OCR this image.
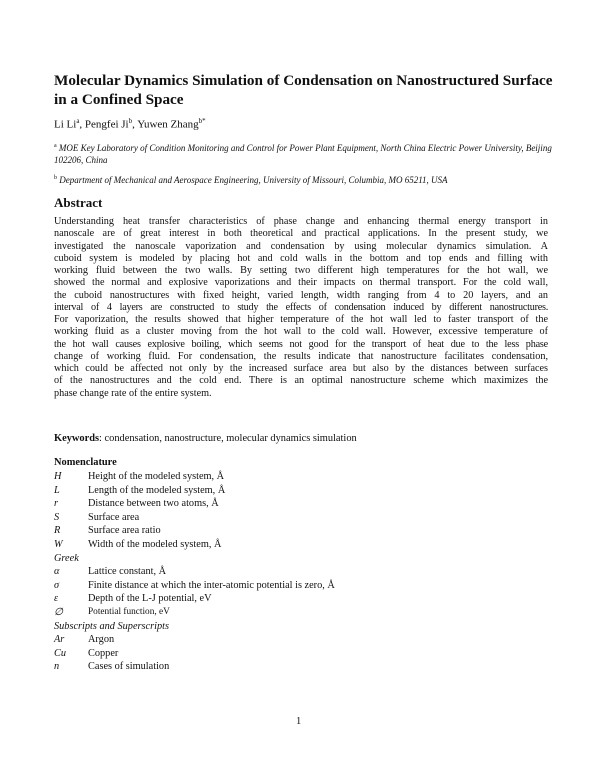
Molecular Dynamics Simulation of Condensation on Nanostructured Surface in a Confined Space
Li Li$^a$, Pengfei Ji$^b$, Yuwen Zhang$^{b*}$
$^a$ MOE Key Laboratory of Condition Monitoring and Control for Power Plant Equipment, North China Electric Power University, Beijing 102206, China
$^b$ Department of Mechanical and Aerospace Engineering, University of Missouri, Columbia, MO 65211, USA
Abstract
Understanding heat transfer characteristics of phase change and enhancing thermal energy transport in
nanoscale are of great interest in both theoretical and practical applications. In the present study, we
investigated the nanoscale vaporization and condensation by using molecular dynamics simulation. A
cuboid system is modeled by placing hot and cold walls in the bottom and top ends and filling with
working fluid between the two walls. By setting two different high temperatures for the hot wall, we
showed the normal and explosive vaporizations and their impacts on thermal transport. For the cold wall,
the cuboid nanostructures with fixed height, varied length, width ranging from 4 to 20 layers, and an
interval of 4 layers are constructed to study the effects of condensation induced by different nanostructures.
For vaporization, the results showed that higher temperature of the hot wall led to faster transport of the
working fluid as a cluster moving from the hot wall to the cold wall. However, excessive temperature of
the hot wall causes explosive boiling, which seems not good for the transport of heat due to the less phase
change of working fluid. For condensation, the results indicate that nanostructure facilitates condensation,
which could be affected not only by the increased surface area but also by the distances between surfaces
of the nanostructures and the cold end. There is an optimal nanostructure scheme which maximizes the
phase change rate of the entire system.
Keywords: condensation, nanostructure, molecular dynamics simulation
Nomenclature
H	Height of the modeled system, Å
L	Length of the modeled system, Å
r	Distance between two atoms, Å
S	Surface area
R	Surface area ratio
W Width of the modeled system, Å
Greek
α	Lattice constant, Å
σ	Finite distance at which the inter-atomic potential is zero, Å
ε	Depth of the L-J potential, eV
∅	Potential function, eV
Subscripts and Superscripts
Ar Argon
Cu Copper
n	Cases of simulation
1
